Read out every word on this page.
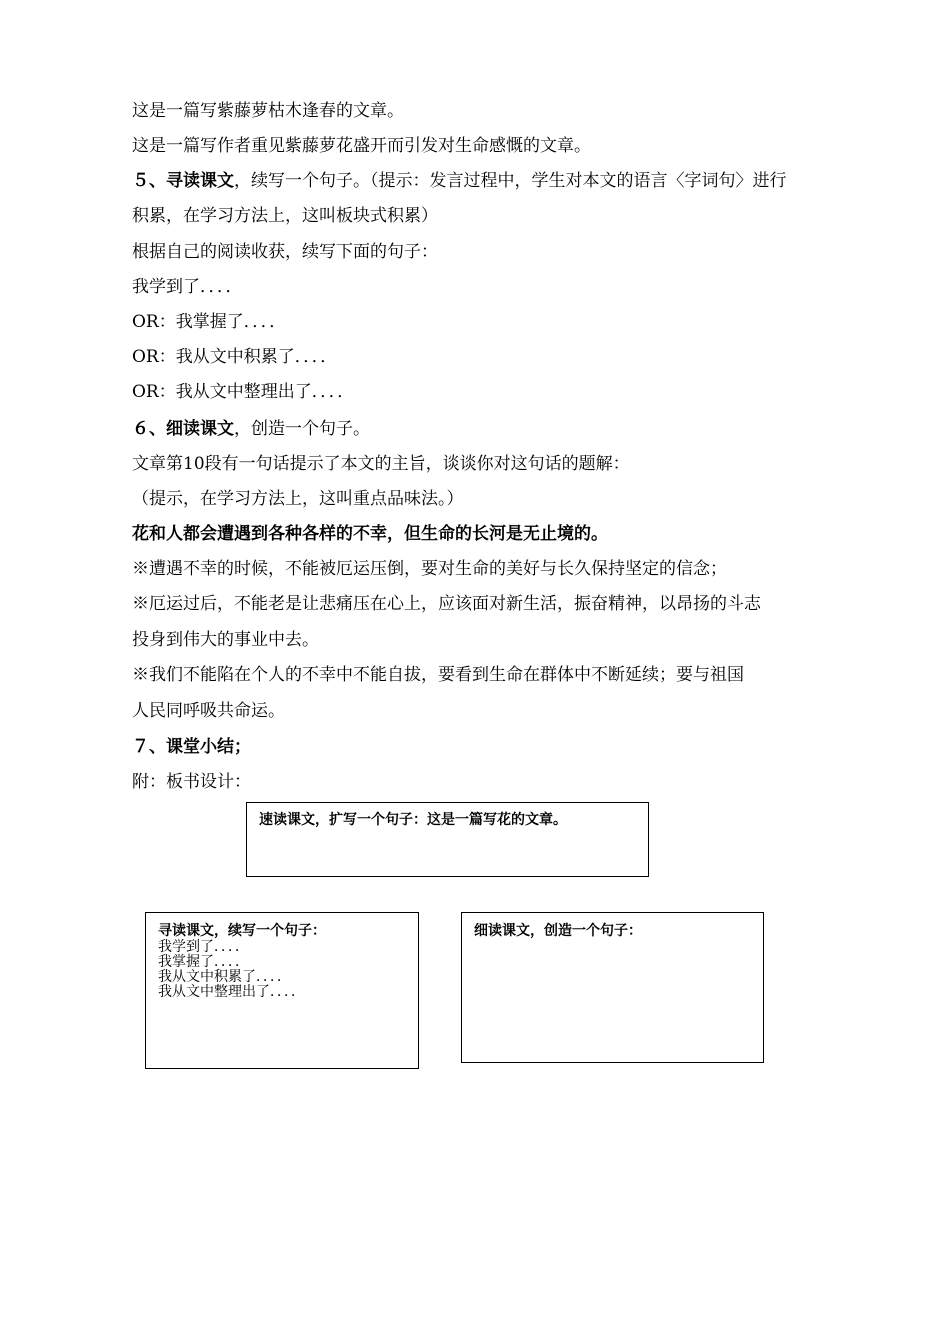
这是一篇写紫藤萝枯木逢春的文章。
这是一篇写作者重见紫藤萝花盛开而引发对生命感慨的文章。
５、寻读课文，续写一个句子。（提示：发言过程中，学生对本文的语言〈字词句〉进行
积累，在学习方法上，这叫板块式积累）
根据自己的阅读收获，续写下面的句子：
我学到了．．．．
OR：我掌握了．．．．
OR：我从文中积累了．．．．
OR：我从文中整理出了．．．．
６、细读课文，创造一个句子。
文章第10段有一句话提示了本文的主旨，谈谈你对这句话的题解：
（提示，在学习方法上，这叫重点品味法。）
花和人都会遭遇到各种各样的不幸，但生命的长河是无止境的。
※遭遇不幸的时候，不能被厄运压倒，要对生命的美好与长久保持坚定的信念；
※厄运过后，不能老是让悲痛压在心上，应该面对新生活，振奋精神，以昂扬的斗志
投身到伟大的事业中去。
※我们不能陷在个人的不幸中不能自拔，要看到生命在群体中不断延续；要与祖国
人民同呼吸共命运。
７、课堂小结；
附：板书设计：
速读课文，扩写一个句子：这是一篇写花的文章。
寻读课文，续写一个句子：
我学到了．．．．
我掌握了．．．．
我从文中积累了．．．．
我从文中整理出了．．．．
细读课文，创造一个句子：
